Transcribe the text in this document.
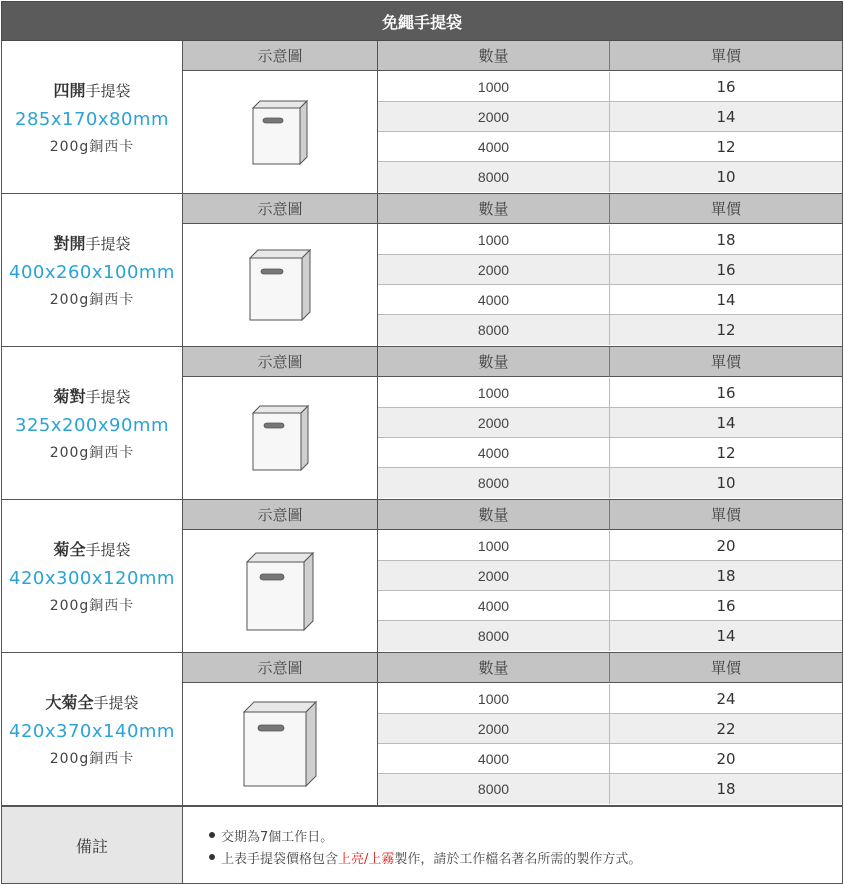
免繩手提袋
四開手提袋
285x170x80mm
200g銅西卡
示意圖	數量	單價
1000	16
2000	14
4000	12
8000	10
對開手提袋
400x260x100mm
200g銅西卡
示意圖	數量	單價
1000	18
2000	16
4000	14
8000	12
菊對手提袋
325x200x90mm
200g銅西卡
示意圖	數量	單價
1000	16
2000	14
4000	12
8000	10
菊全手提袋
420x300x120mm
200g銅西卡
示意圖	數量	單價
1000	20
2000	18
4000	16
8000	14
大菊全手提袋
420x370x140mm
200g銅西卡
示意圖	數量	單價
1000	24
2000	22
4000	20
8000	18
備註	交期為7個工作日。
上表手提袋價格包含 上亮/上霧 製作，請於工作檔名著名所需的製作方式。
